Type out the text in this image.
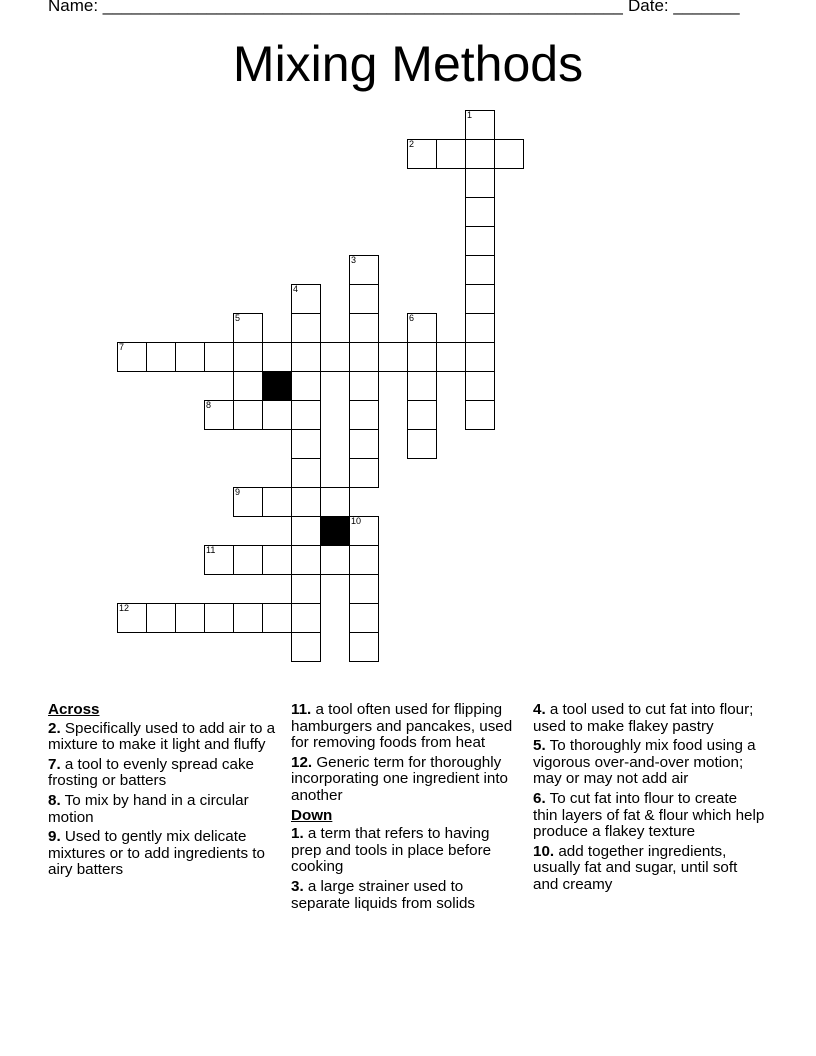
Name: _______________________________________________________ Date: _______
Mixing Methods
1
2
3
4
5	6
7
8
9
10
11
12
Across
2. Specifically used to add air to a mixture to make it light and fluffy
7. a tool to evenly spread cake frosting or batters
8. To mix by hand in a circular motion
9. Used to gently mix delicate mixtures or to add ingredients to airy batters
11. a tool often used for flipping hamburgers and pancakes, used for removing foods from heat
12. Generic term for thoroughly incorporating one ingredient into another
Down
1. a term that refers to having prep and tools in place before cooking
3. a large strainer used to separate liquids from solids
4. a tool used to cut fat into flour; used to make flakey pastry
5. To thoroughly mix food using a vigorous over-and-over motion; may or may not add air
6. To cut fat into flour to create thin layers of fat & flour which help produce a flakey texture
10. add together ingredients, usually fat and sugar, until soft and creamy
